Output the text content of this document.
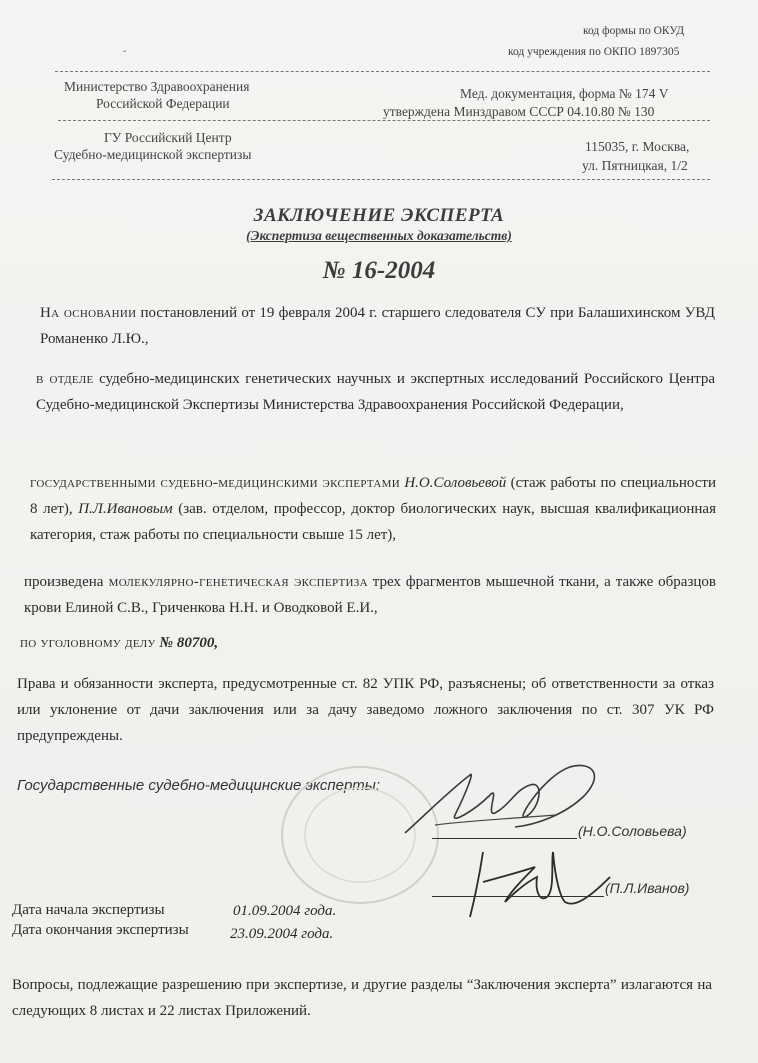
код формы по ОКУД
код учреждения по ОКПО 1897305
ˇ
Министерство Здравоохранения
Российской Федерации
Мед. документация, форма № 174 V
утверждена Минздравом СССР 04.10.80 № 130
ГУ Российский Центр
Судебно-медицинской экспертизы
115035, г. Москва,
ул. Пятницкая, 1/2
ЗАКЛЮЧЕНИЕ ЭКСПЕРТА
(Экспертиза вещественных доказательств)
№ 16-2004
На основании постановлений от 19 февраля 2004 г. старшего следователя СУ при Балашихинском УВД Романенко Л.Ю.,
в отделе судебно-медицинских генетических научных и экспертных исследований Российского Центра Судебно-медицинской Экспертизы Министерства Здравоохранения Российской Федерации,
государственными судебно-медицинскими экспертами Н.О.Соловьевой (стаж работы по специальности 8 лет), П.Л.Ивановым (зав. отделом, профессор, доктор биологических наук, высшая квалификационная категория, стаж работы по специальности свыше 15 лет),
произведена молекулярно-генетическая экспертиза трех фрагментов мышечной ткани, а также образцов крови Елиной С.В., Гриченкова Н.Н. и Оводковой Е.И.,
по уголовному делу № 80700,
Права и обязанности эксперта, предусмотренные ст. 82 УПК РФ, разъяснены; об ответственности за отказ или уклонение от дачи заключения или за дачу заведомо ложного заключения по ст. 307 УК РФ предупреждены.
Государственные судебно-медицинские эксперты:
(Н.О.Соловьева)
(П.Л.Иванов)
Дата начала экспертизы	01.09.2004 года.
Дата окончания экспертизы	23.09.2004 года.
Вопросы, подлежащие разрешению при экспертизе, и другие разделы “Заключения эксперта” излагаются на следующих 8 листах и 22 листах Приложений.
